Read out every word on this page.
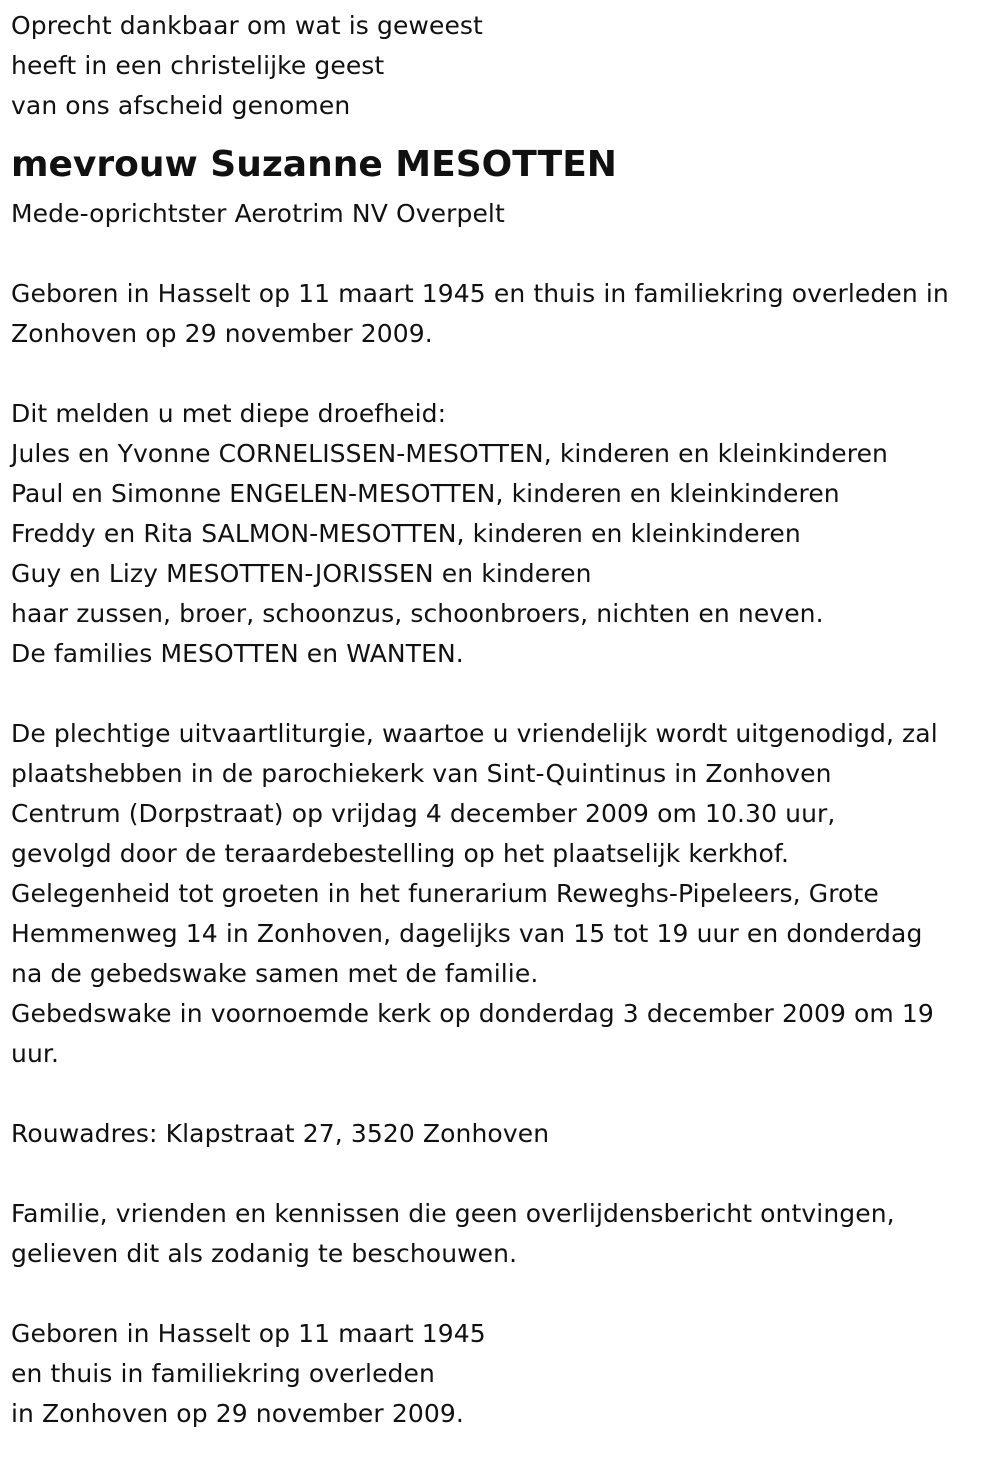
Oprecht dankbaar om wat is geweest
heeft in een christelijke geest
van ons afscheid genomen
mevrouw Suzanne MESOTTEN
Mede-oprichtster Aerotrim NV Overpelt
Geboren in Hasselt op 11 maart 1945 en thuis in familiekring overleden in
Zonhoven op 29 november 2009.
Dit melden u met diepe droefheid:
Jules en Yvonne CORNELISSEN-MESOTTEN, kinderen en kleinkinderen
Paul en Simonne ENGELEN-MESOTTEN, kinderen en kleinkinderen
Freddy en Rita SALMON-MESOTTEN, kinderen en kleinkinderen
Guy en Lizy MESOTTEN-JORISSEN en kinderen
haar zussen, broer, schoonzus, schoonbroers, nichten en neven.
De families MESOTTEN en WANTEN.
De plechtige uitvaartliturgie, waartoe u vriendelijk wordt uitgenodigd, zal
plaatshebben in de parochiekerk van Sint-Quintinus in Zonhoven
Centrum (Dorpstraat) op vrijdag 4 december 2009 om 10.30 uur,
gevolgd door de teraardebestelling op het plaatselijk kerkhof.
Gelegenheid tot groeten in het funerarium Reweghs-Pipeleers, Grote
Hemmenweg 14 in Zonhoven, dagelijks van 15 tot 19 uur en donderdag
na de gebedswake samen met de familie.
Gebedswake in voornoemde kerk op donderdag 3 december 2009 om 19
uur.
Rouwadres: Klapstraat 27, 3520 Zonhoven
Familie, vrienden en kennissen die geen overlijdensbericht ontvingen,
gelieven dit als zodanig te beschouwen.
Geboren in Hasselt op 11 maart 1945
en thuis in familiekring overleden
in Zonhoven op 29 november 2009.
